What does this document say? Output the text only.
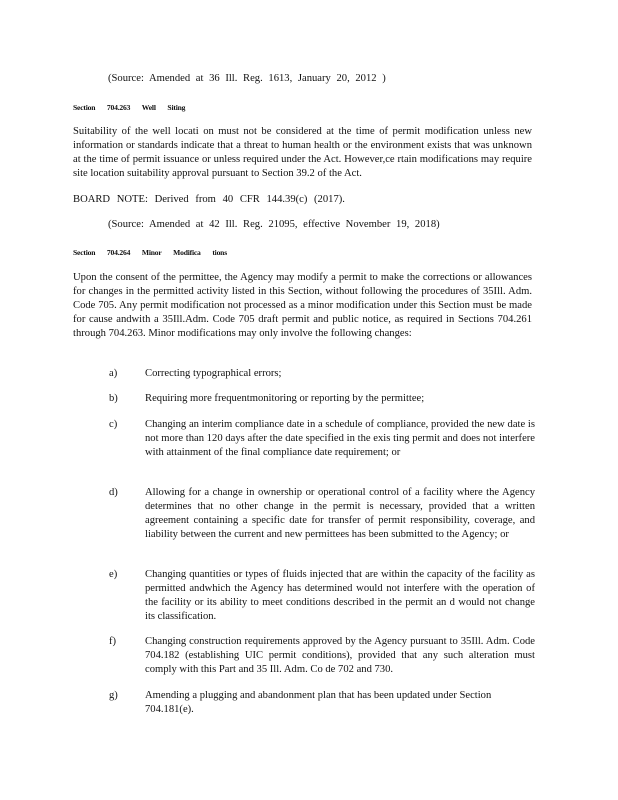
(Source: Amended at 36 Ill. Reg. 1613, January 20, 2012 )

Section 704.263 Well Siting

Suitability of the well locati on must not be considered at the time of permit modification unless new information or standards indicate that a threat to human health or the environment exists that was unknown at the time of permit issuance or unless required under the Act. However,ce rtain modifications may require site location suitability approval pursuant to Section 39.2 of the Act.

BOARD NOTE: Derived from 40 CFR 144.39(c) (2017).

(Source: Amended at 42 Ill. Reg. 21095, effective November 19, 2018)

Section 704.264 Minor Modifica tions

Upon the consent of the permittee, the Agency may modify a permit to make the corrections or allowances for changes in the permitted activity listed in this Section, without following the procedures of 35Ill. Adm. Code 705. Any permit modification not processed as a minor modification under this Section must be made for cause andwith a 35Ill.Adm. Code 705 draft permit and public notice, as required in Sections 704.261 through 704.263. Minor modifications may only involve the following changes:

a)	Correcting typographical errors;

b)	Requiring more frequentmonitoring or reporting by the permittee;

c)	Changing an interim compliance date in a schedule of compliance, provided the new date is not more than 120 days after the date specified in the exis ting permit and does not interfere with attainment of the final compliance date requirement; or

d)	Allowing for a change in ownership or operational control of a facility where the Agency determines that no other change in the permit is necessary, provided that a written agreement containing a specific date for transfer of permit responsibility, coverage, and liability between the current and new permittees has been submitted to the Agency; or

e)	Changing quantities or types of fluids injected that are within the capacity of the facility as permitted andwhich the Agency has determined would not interfere with the operation of the facility or its ability to meet conditions described in the permit an d would not change its classification.

f)	Changing construction requirements approved by the Agency pursuant to 35Ill. Adm. Code 704.182 (establishing UIC permit conditions), provided that any such alteration must comply with this Part and 35 Ill. Adm. Co de 702 and 730.

g)	Amending a plugging and abandonment plan that has been updated under Section 704.181(e).
